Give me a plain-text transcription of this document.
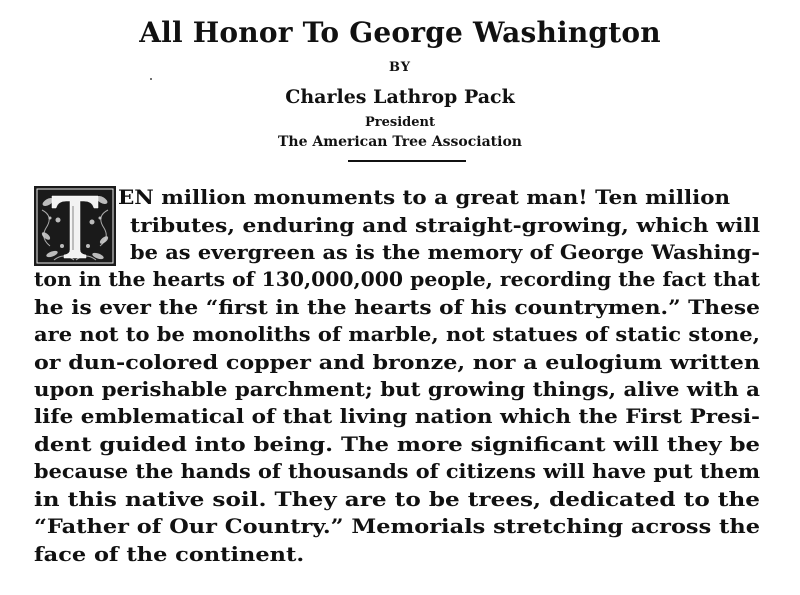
All Honor To George Washington
BY
Charles Lathrop Pack
President
The American Tree Association
EN million monuments to a great man! Ten million
tributes, enduring and straight-growing, which will
be as evergreen as is the memory of George Washing-
ton in the hearts of 130,000,000 people, recording the fact that
he is ever the “first in the hearts of his countrymen.” These
are not to be monoliths of marble, not statues of static stone,
or dun-colored copper and bronze, nor a eulogium written
upon perishable parchment; but growing things, alive with a
life emblematical of that living nation which the First Presi-
dent guided into being. The more significant will they be
because the hands of thousands of citizens will have put them
in this native soil. They are to be trees, dedicated to the
“Father of Our Country.” Memorials stretching across the
face of the continent.
